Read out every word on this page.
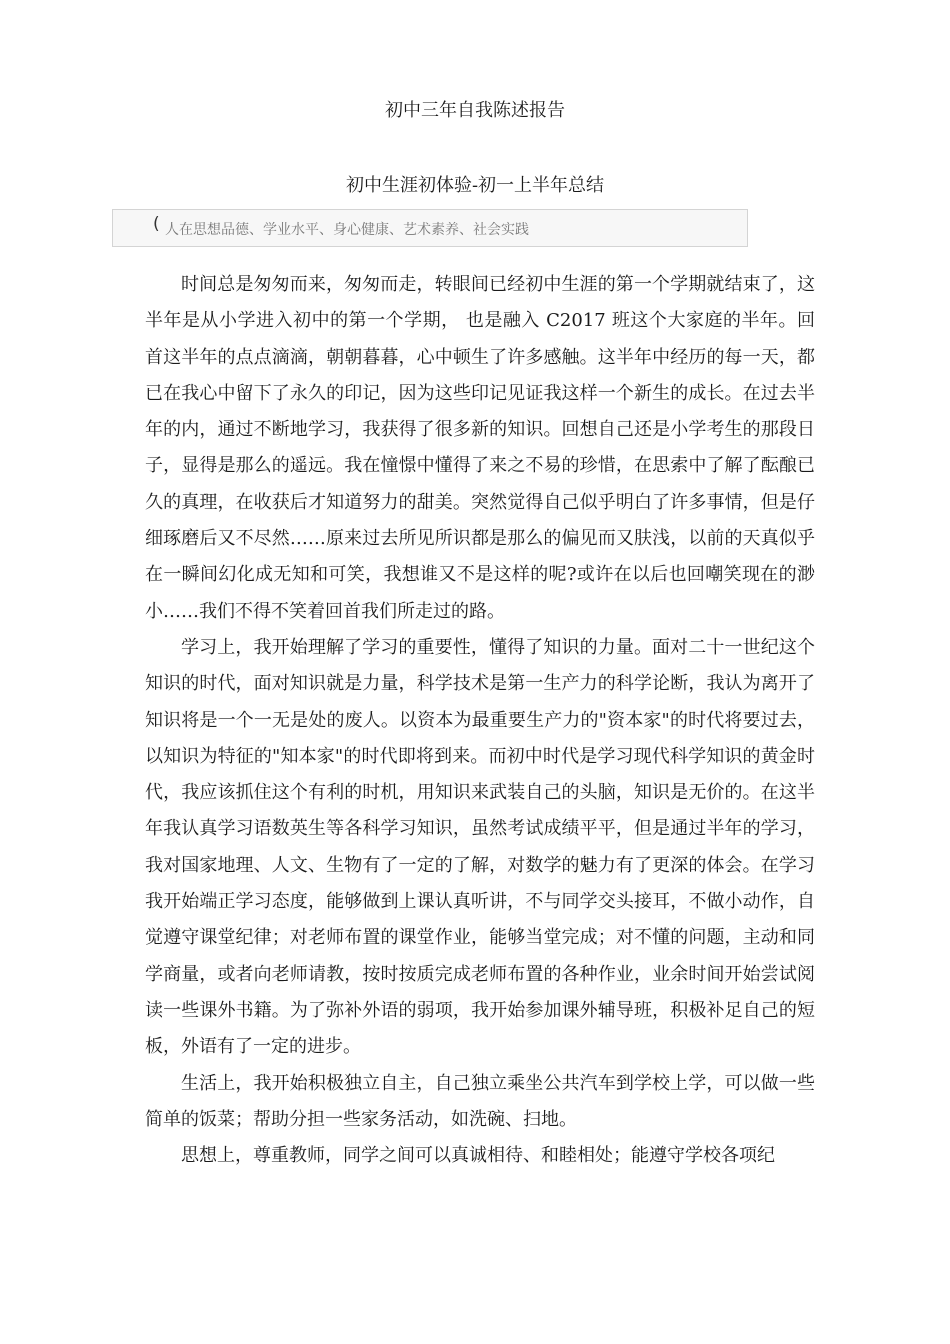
初中三年自我陈述报告
初中生涯初体验-初一上半年总结
( 人在思想品德、学业水平、身心健康、艺术素养、社会实践

时间总是匆匆而来，匆匆而走，转眼间已经初中生涯的第一个学期就结束了，这半年是从小学进入初中的第一个学期， 也是融入 C2017 班这个大家庭的半年。回首这半年的点点滴滴，朝朝暮暮，心中顿生了许多感触。这半年中经历的每一天，都已在我心中留下了永久的印记，因为这些印记见证我这样一个新生的成长。在过去半年的内，通过不断地学习，我获得了很多新的知识。回想自己还是小学考生的那段日子，显得是那么的遥远。我在憧憬中懂得了来之不易的珍惜，在思索中了解了酝酿已久的真理，在收获后才知道努力的甜美。突然觉得自己似乎明白了许多事情，但是仔细琢磨后又不尽然……原来过去所见所识都是那么的偏见而又肤浅，以前的天真似乎在一瞬间幻化成无知和可笑，我想谁又不是这样的呢?或许在以后也回嘲笑现在的渺小……我们不得不笑着回首我们所走过的路。

学习上，我开始理解了学习的重要性，懂得了知识的力量。面对二十一世纪这个知识的时代，面对知识就是力量，科学技术是第一生产力的科学论断，我认为离开了知识将是一个一无是处的废人。以资本为最重要生产力的"资本家"的时代将要过去，以知识为特征的"知本家"的时代即将到来。而初中时代是学习现代科学知识的黄金时代，我应该抓住这个有利的时机，用知识来武装自己的头脑，知识是无价的。在这半年我认真学习语数英生等各科学习知识，虽然考试成绩平平，但是通过半年的学习，我对国家地理、人文、生物有了一定的了解，对数学的魅力有了更深的体会。在学习我开始端正学习态度，能够做到上课认真听讲，不与同学交头接耳，不做小动作，自觉遵守课堂纪律；对老师布置的课堂作业，能够当堂完成；对不懂的问题，主动和同学商量，或者向老师请教，按时按质完成老师布置的各种作业，业余时间开始尝试阅读一些课外书籍。为了弥补外语的弱项，我开始参加课外辅导班，积极补足自己的短板，外语有了一定的进步。

生活上，我开始积极独立自主，自己独立乘坐公共汽车到学校上学，可以做一些简单的饭菜；帮助分担一些家务活动，如洗碗、扫地。

思想上，尊重教师，同学之间可以真诚相待、和睦相处；能遵守学校各项纪
